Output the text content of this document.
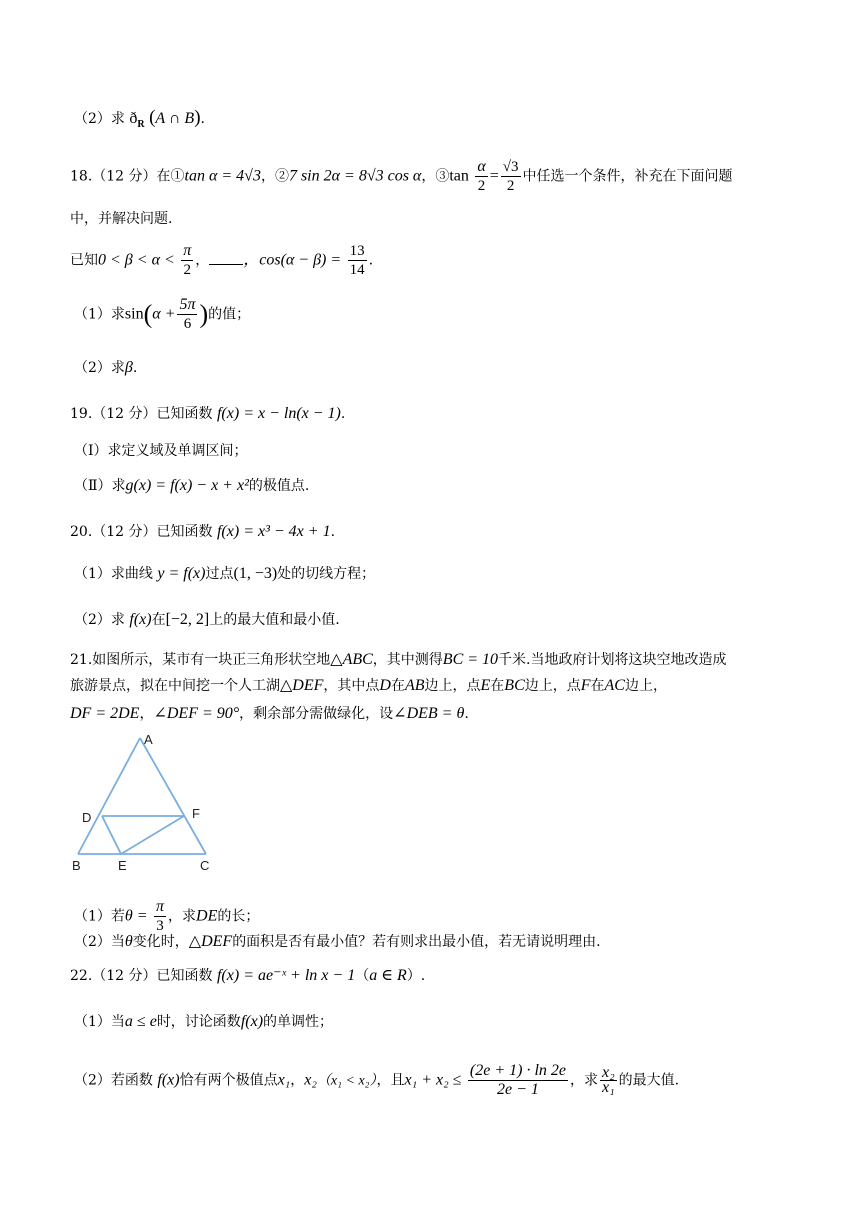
（2）求 $ð_R$ (A ∩ B).
18.（12 分）在①tan α = 4√3，②7 sin 2α = 8√3 cos α，③tan $\frac{\alpha}{2} = \frac{√3}{2}$ 中任选一个条件，补充在下面问题
中，并解决问题.
已知$0 < \beta < \alpha < \frac{\pi}{2}$ ， ，$\cos(\alpha - \beta) = \frac{13}{14}$ .
（1）求$\sin(\alpha + \frac{5\pi}{6}$ )的值；
（2）求β.
19.（12 分）已知函数 f(x) = x − ln(x − 1).
（Ⅰ）求定义域及单调区间；
（Ⅱ）求g(x) = f(x) − x + x²的极值点.
20.（12 分）已知函数 f(x) = x³ − 4x + 1.
（1）求曲线 y = f(x)过点(1, −3)处的切线方程；
（2）求 f(x)在[−2, 2]上的最大值和最小值.
21.如图所示，某市有一块正三角形状空地△ABC，其中测得BC = 10千米.当地政府计划将这块空地改造成
旅游景点，拟在中间挖一个人工湖△DEF，其中点D在AB边上，点E在BC边上，点F在AC边上，
DF = 2DE，∠DEF = 90°，剩余部分需做绿化，设∠DEB = θ.
A
B	C
D
E
F
（1）若$\theta = \frac{\pi}{3}$ ，求DE的长；
（2）当θ变化时，△DEF的面积是否有最小值？若有则求出最小值，若无请说明理由.
22.（12 分）已知函数 f(x) = ae⁻ˣ + ln x − 1（a ∈ R）.
（1）当a ≤ e时，讨论函数f(x)的单调性；
（2）若函数 f(x)恰有两个极值点x₁，x₂（x₁ < x₂），且$x_1 + x_2 \le \frac{(2e + 1) \cdot \ln 2e}{2e - 1}$ ，求 $\frac{\text{x₂}}{\text{x₁}}$ 的最大值.
